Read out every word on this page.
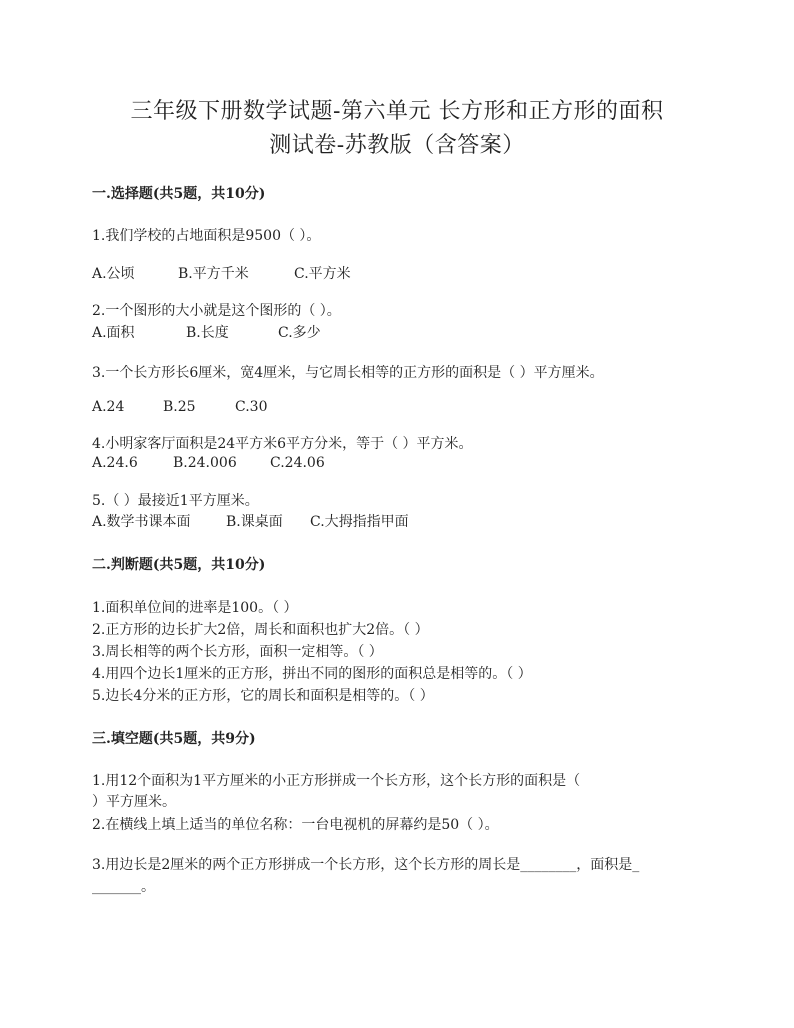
三年级下册数学试题-第六单元 长方形和正方形的面积
测试卷-苏教版（含答案）
一.选择题(共5题，共10分)
1.我们学校的占地面积是9500（ ）。
A.公顷	B.平方千米	C.平方米
2.一个图形的大小就是这个图形的（ ）。
A.面积	B.长度	C.多少
3.一个长方形长6厘米，宽4厘米，与它周长相等的正方形的面积是（ ）平方厘米。
A.24	B.25	C.30
4.小明家客厅面积是24平方米6平方分米，等于（ ）平方米。
A.24.6	B.24.006 C.24.06
5.（ ）最接近1平方厘米。
A.数学书课本面	B.课桌面 C.大拇指指甲面
二.判断题(共5题，共10分)
1.面积单位间的进率是100。（ ）
2.正方形的边长扩大2倍，周长和面积也扩大2倍。（ ）
3.周长相等的两个长方形，面积一定相等。（ ）
4.用四个边长1厘米的正方形，拼出不同的图形的面积总是相等的。（ ）
5.边长4分米的正方形，它的周长和面积是相等的。（ ）
三.填空题(共5题，共9分)
1.用12个面积为1平方厘米的小正方形拼成一个长方形，这个长方形的面积是（
）平方厘米。
2.在横线上填上适当的单位名称：一台电视机的屏幕约是50（ ）。
3.用边长是2厘米的两个正方形拼成一个长方形，这个长方形的周长是________，面积是_
_______。
